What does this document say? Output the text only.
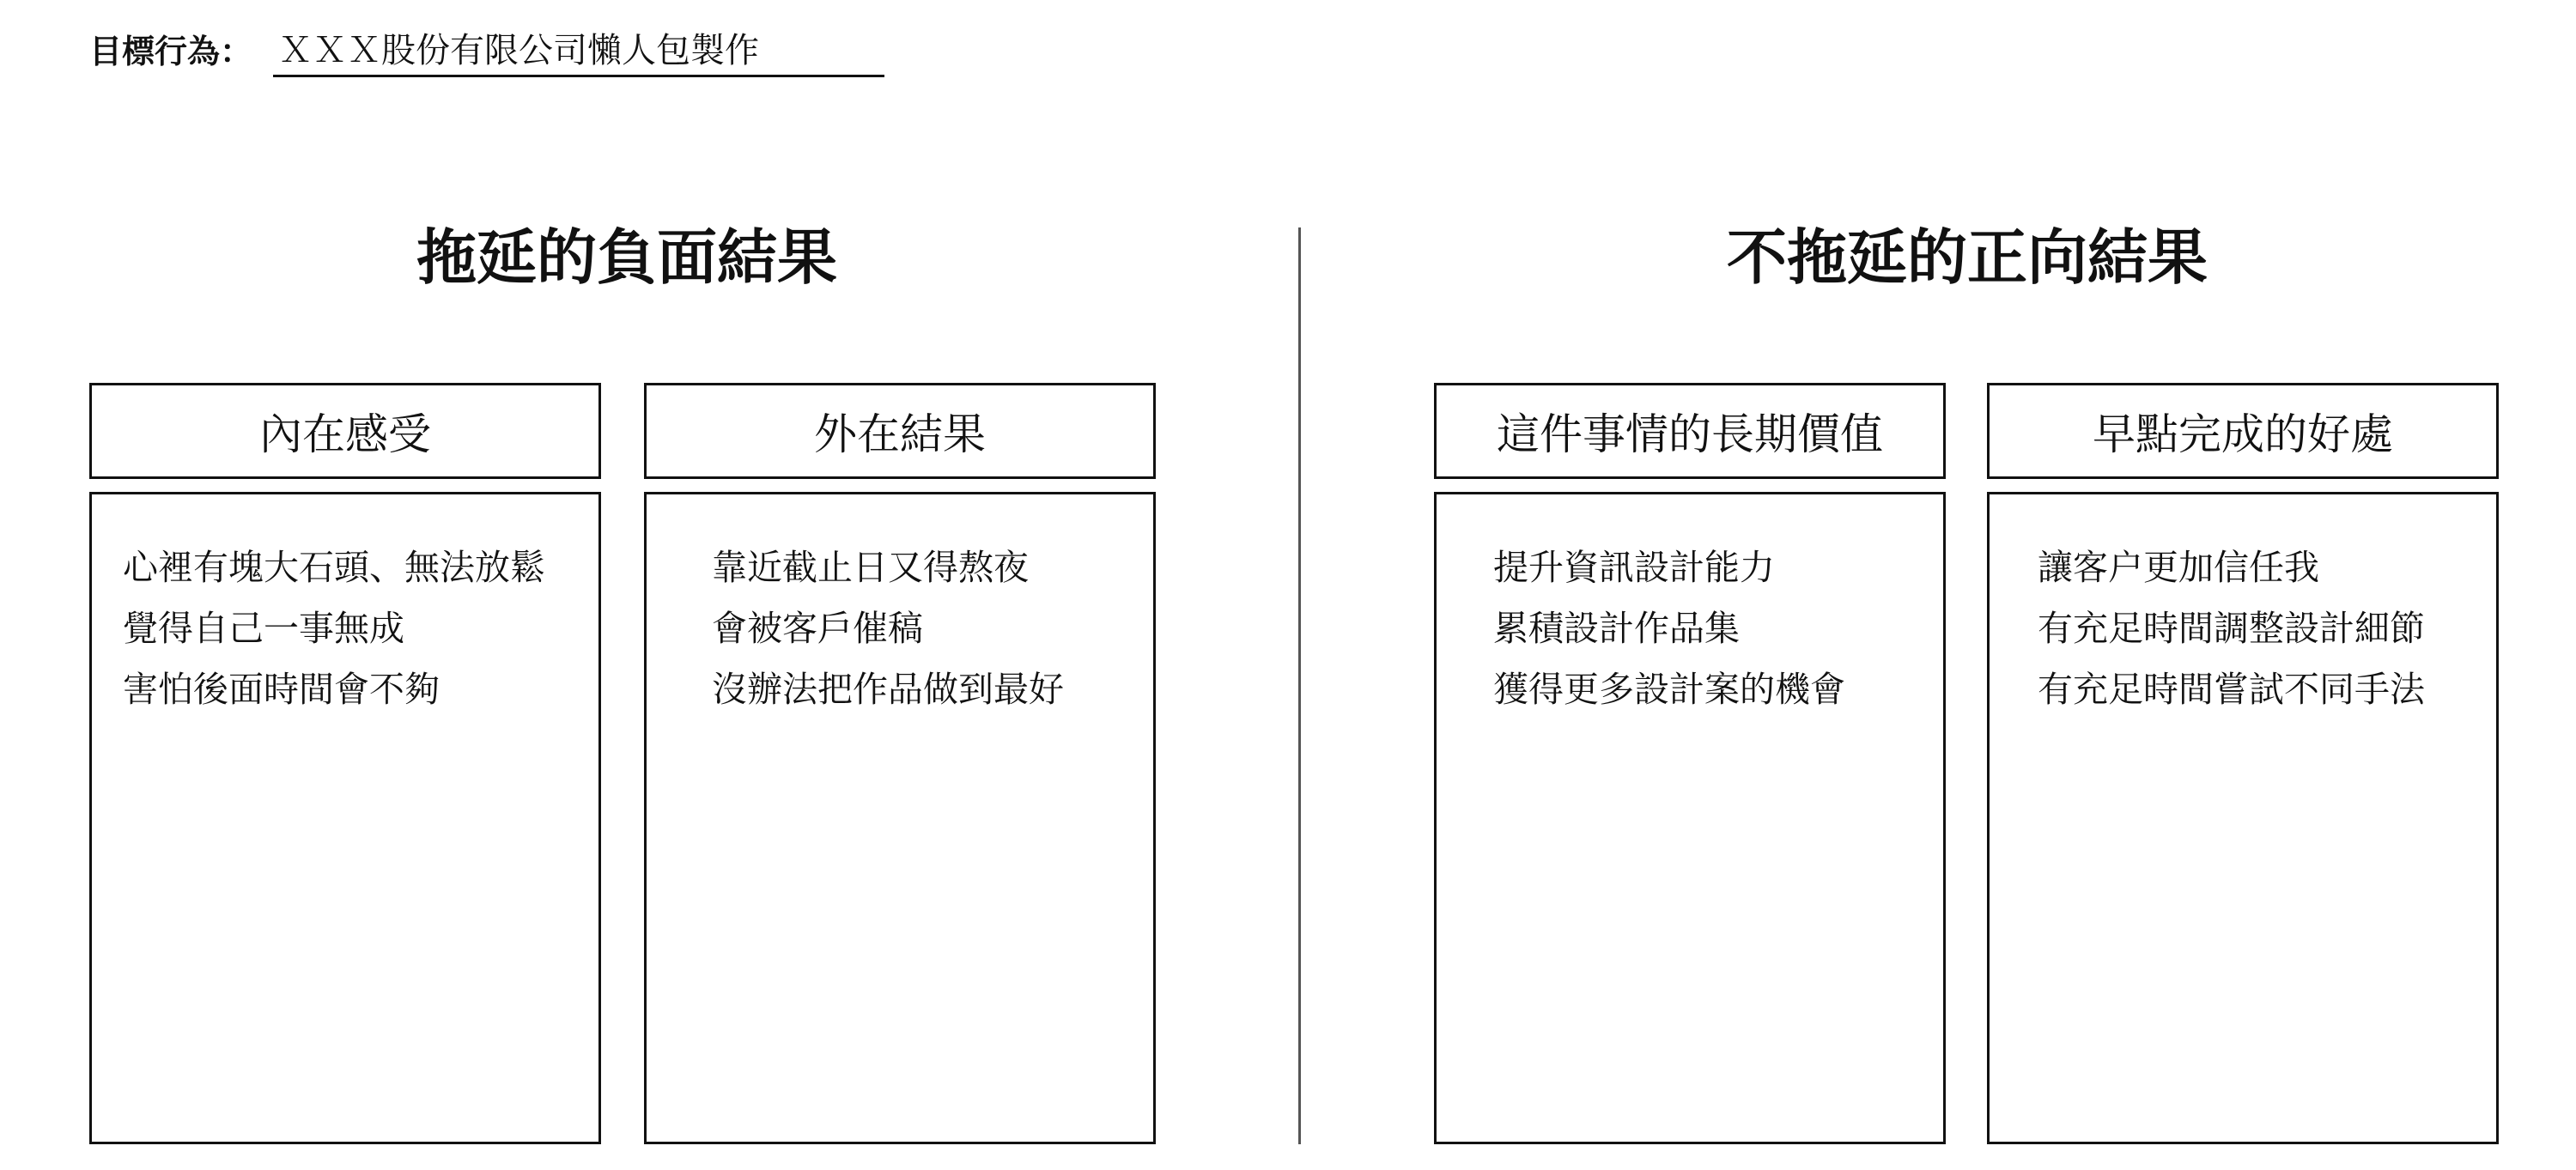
目標行為： ＸＸＸ股份有限公司懶人包製作
拖延的負面結果	不拖延的正向結果
內在感受
心裡有塊大石頭、無法放鬆
覺得自己一事無成
害怕後面時間會不夠
外在結果
靠近截止日又得熬夜
會被客戶催稿
沒辦法把作品做到最好
這件事情的長期價值
提升資訊設計能力
累積設計作品集
獲得更多設計案的機會
早點完成的好處
讓客户更加信任我
有充足時間調整設計細節
有充足時間嘗試不同手法
